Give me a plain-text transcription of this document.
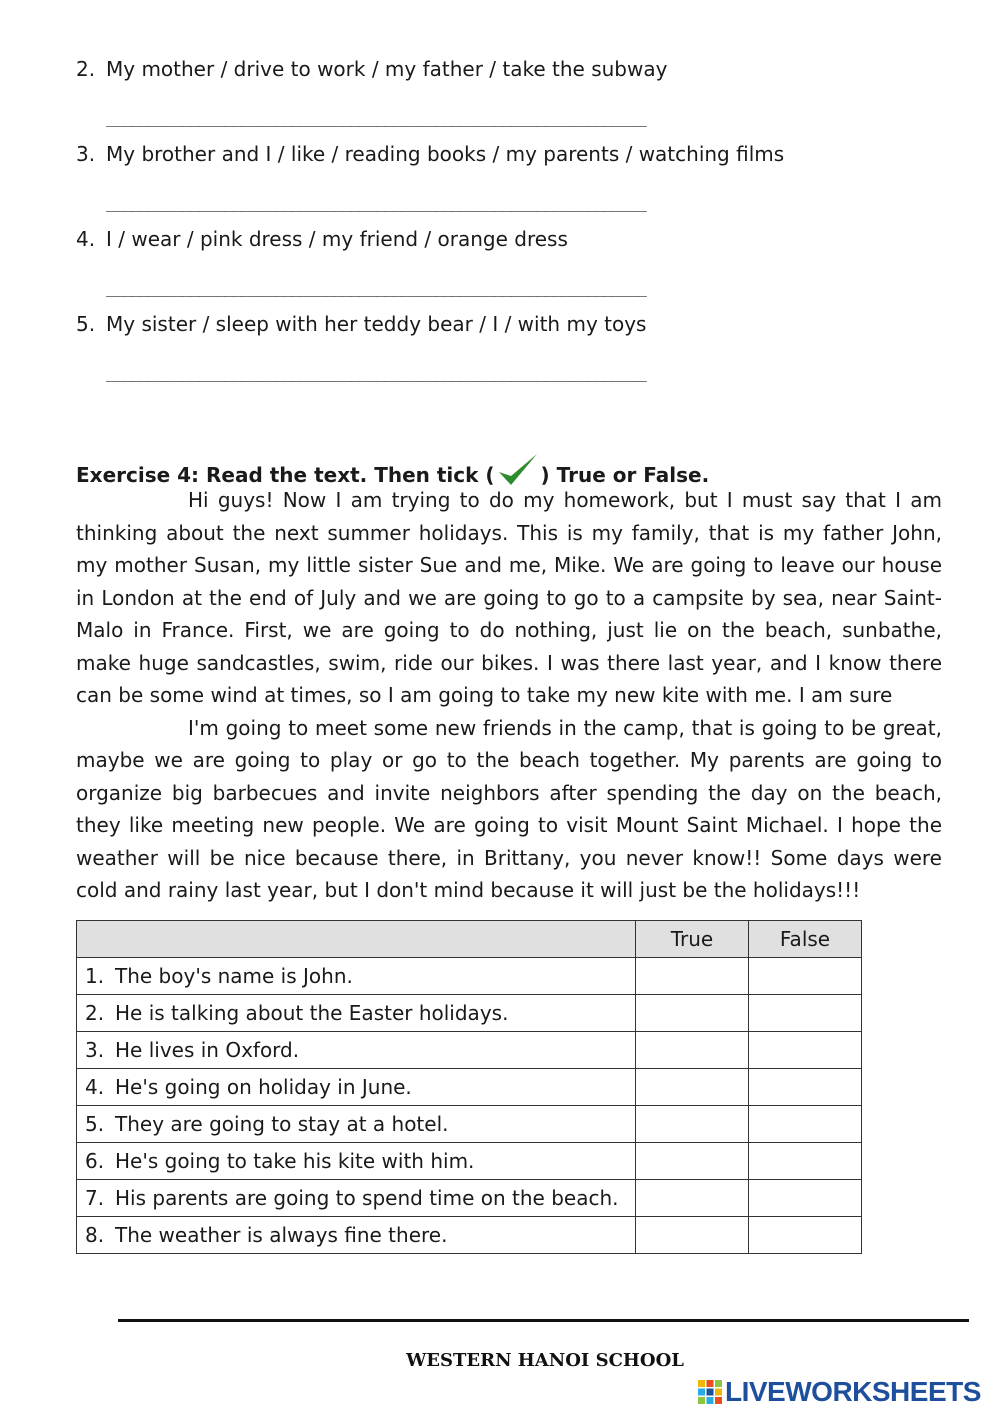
2. My mother / drive to work / my father / take the subway
________________________________________________________________
3. My brother and I / like / reading books / my parents / watching films
________________________________________________________________
4. I / wear / pink dress / my friend / orange dress
________________________________________________________________
5. My sister / sleep with her teddy bear / I / with my toys
________________________________________________________________
Exercise 4: Read the text. Then tick ( ) True or False.

Hi guys! Now I am trying to do my homework, but I must say that I am thinking about the next summer holidays. This is my family, that is my father John, my mother Susan, my little sister Sue and me, Mike. We are going to leave our house in London at the end of July and we are going to go to a campsite by sea, near Saint-Malo in France. First, we are going to do nothing, just lie on the beach, sunbathe, make huge sandcastles, swim, ride our bikes. I was there last year, and I know there can be some wind at times, so I am going to take my new kite with me. I am sure

I'm going to meet some new friends in the camp, that is going to be great, maybe we are going to play or go to the beach together. My parents are going to organize big barbecues and invite neighbors after spending the day on the beach, they like meeting new people. We are going to visit Mount Saint Michael. I hope the weather will be nice because there, in Brittany, you never know!! Some days were cold and rainy last year, but I don't mind because it will just be the holidays!!!

	True	False
1. The boy's name is John.		
2. He is talking about the Easter holidays.		
3. He lives in Oxford.		
4. He's going on holiday in June.		
5. They are going to stay at a hotel.		
6. He's going to take his kite with him.		
7. His parents are going to spend time on the beach.		
8. The weather is always fine there.		
WESTERN HANOI SCHOOL
LIVEWORKSHEETS
